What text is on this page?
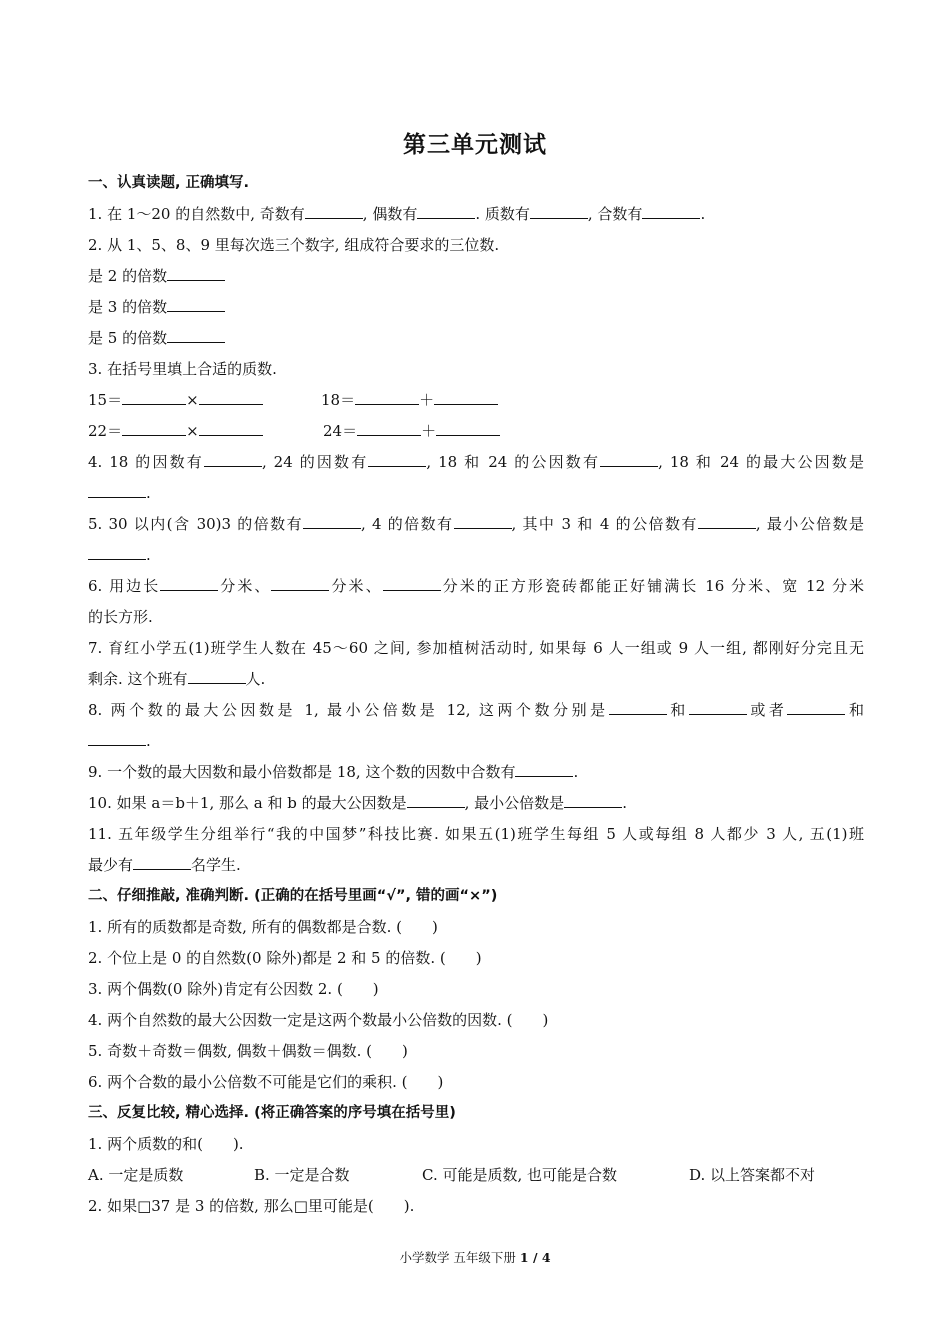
第三单元测试
一、认真读题, 正确填写.
1. 在 1～20 的自然数中, 奇数有	, 偶数有	. 质数有	, 合数有	.
2. 从 1、5、8、9 里每次选三个数字, 组成符合要求的三位数.
是 2 的倍数
是 3 的倍数
是 5 的倍数
3. 在括号里填上合适的质数.
15＝	×	18＝	＋
22＝	×	24＝	＋
4. 18 的因数有	, 24 的因数有	, 18 和 24 的公因数有	, 18 和 24 的最大公因数是
.
5. 30 以内(含 30)3 的倍数有	, 4 的倍数有	, 其中 3 和 4 的公倍数有	, 最小公倍数是
.
6. 用边长	分米、	分米、	分米的正方形瓷砖都能正好铺满长 16 分米、宽 12 分米
的长方形.
7. 育红小学五(1)班学生人数在 45～60 之间, 参加植树活动时, 如果每 6 人一组或 9 人一组, 都刚好分完且无
剩余. 这个班有	人.
8. 两个数的最大公因数是 1, 最小公倍数是 12, 这两个数分别是	和	或者	和
.
9. 一个数的最大因数和最小倍数都是 18, 这个数的因数中合数有	.
10. 如果 a＝b＋1, 那么 a 和 b 的最大公因数是	, 最小公倍数是	.
11. 五年级学生分组举行“我的中国梦”科技比赛. 如果五(1)班学生每组 5 人或每组 8 人都少 3 人, 五(1)班
最少有	名学生.
二、仔细推敲, 准确判断. (正确的在括号里画“√”, 错的画“×”)
1. 所有的质数都是奇数, 所有的偶数都是合数. ( )
2. 个位上是 0 的自然数(0 除外)都是 2 和 5 的倍数. ( )
3. 两个偶数(0 除外)肯定有公因数 2. ( )
4. 两个自然数的最大公因数一定是这两个数最小公倍数的因数. ( )
5. 奇数＋奇数＝偶数, 偶数＋偶数＝偶数. ( )
6. 两个合数的最小公倍数不可能是它们的乘积. ( )
三、反复比较, 精心选择. (将正确答案的序号填在括号里)
1. 两个质数的和( ).
A. 一定是质数	B. 一定是合数	C. 可能是质数, 也可能是合数	D. 以上答案都不对
2. 如果□37 是 3 的倍数, 那么□里可能是( ).
小学数学 五年级下册 1 / 4
